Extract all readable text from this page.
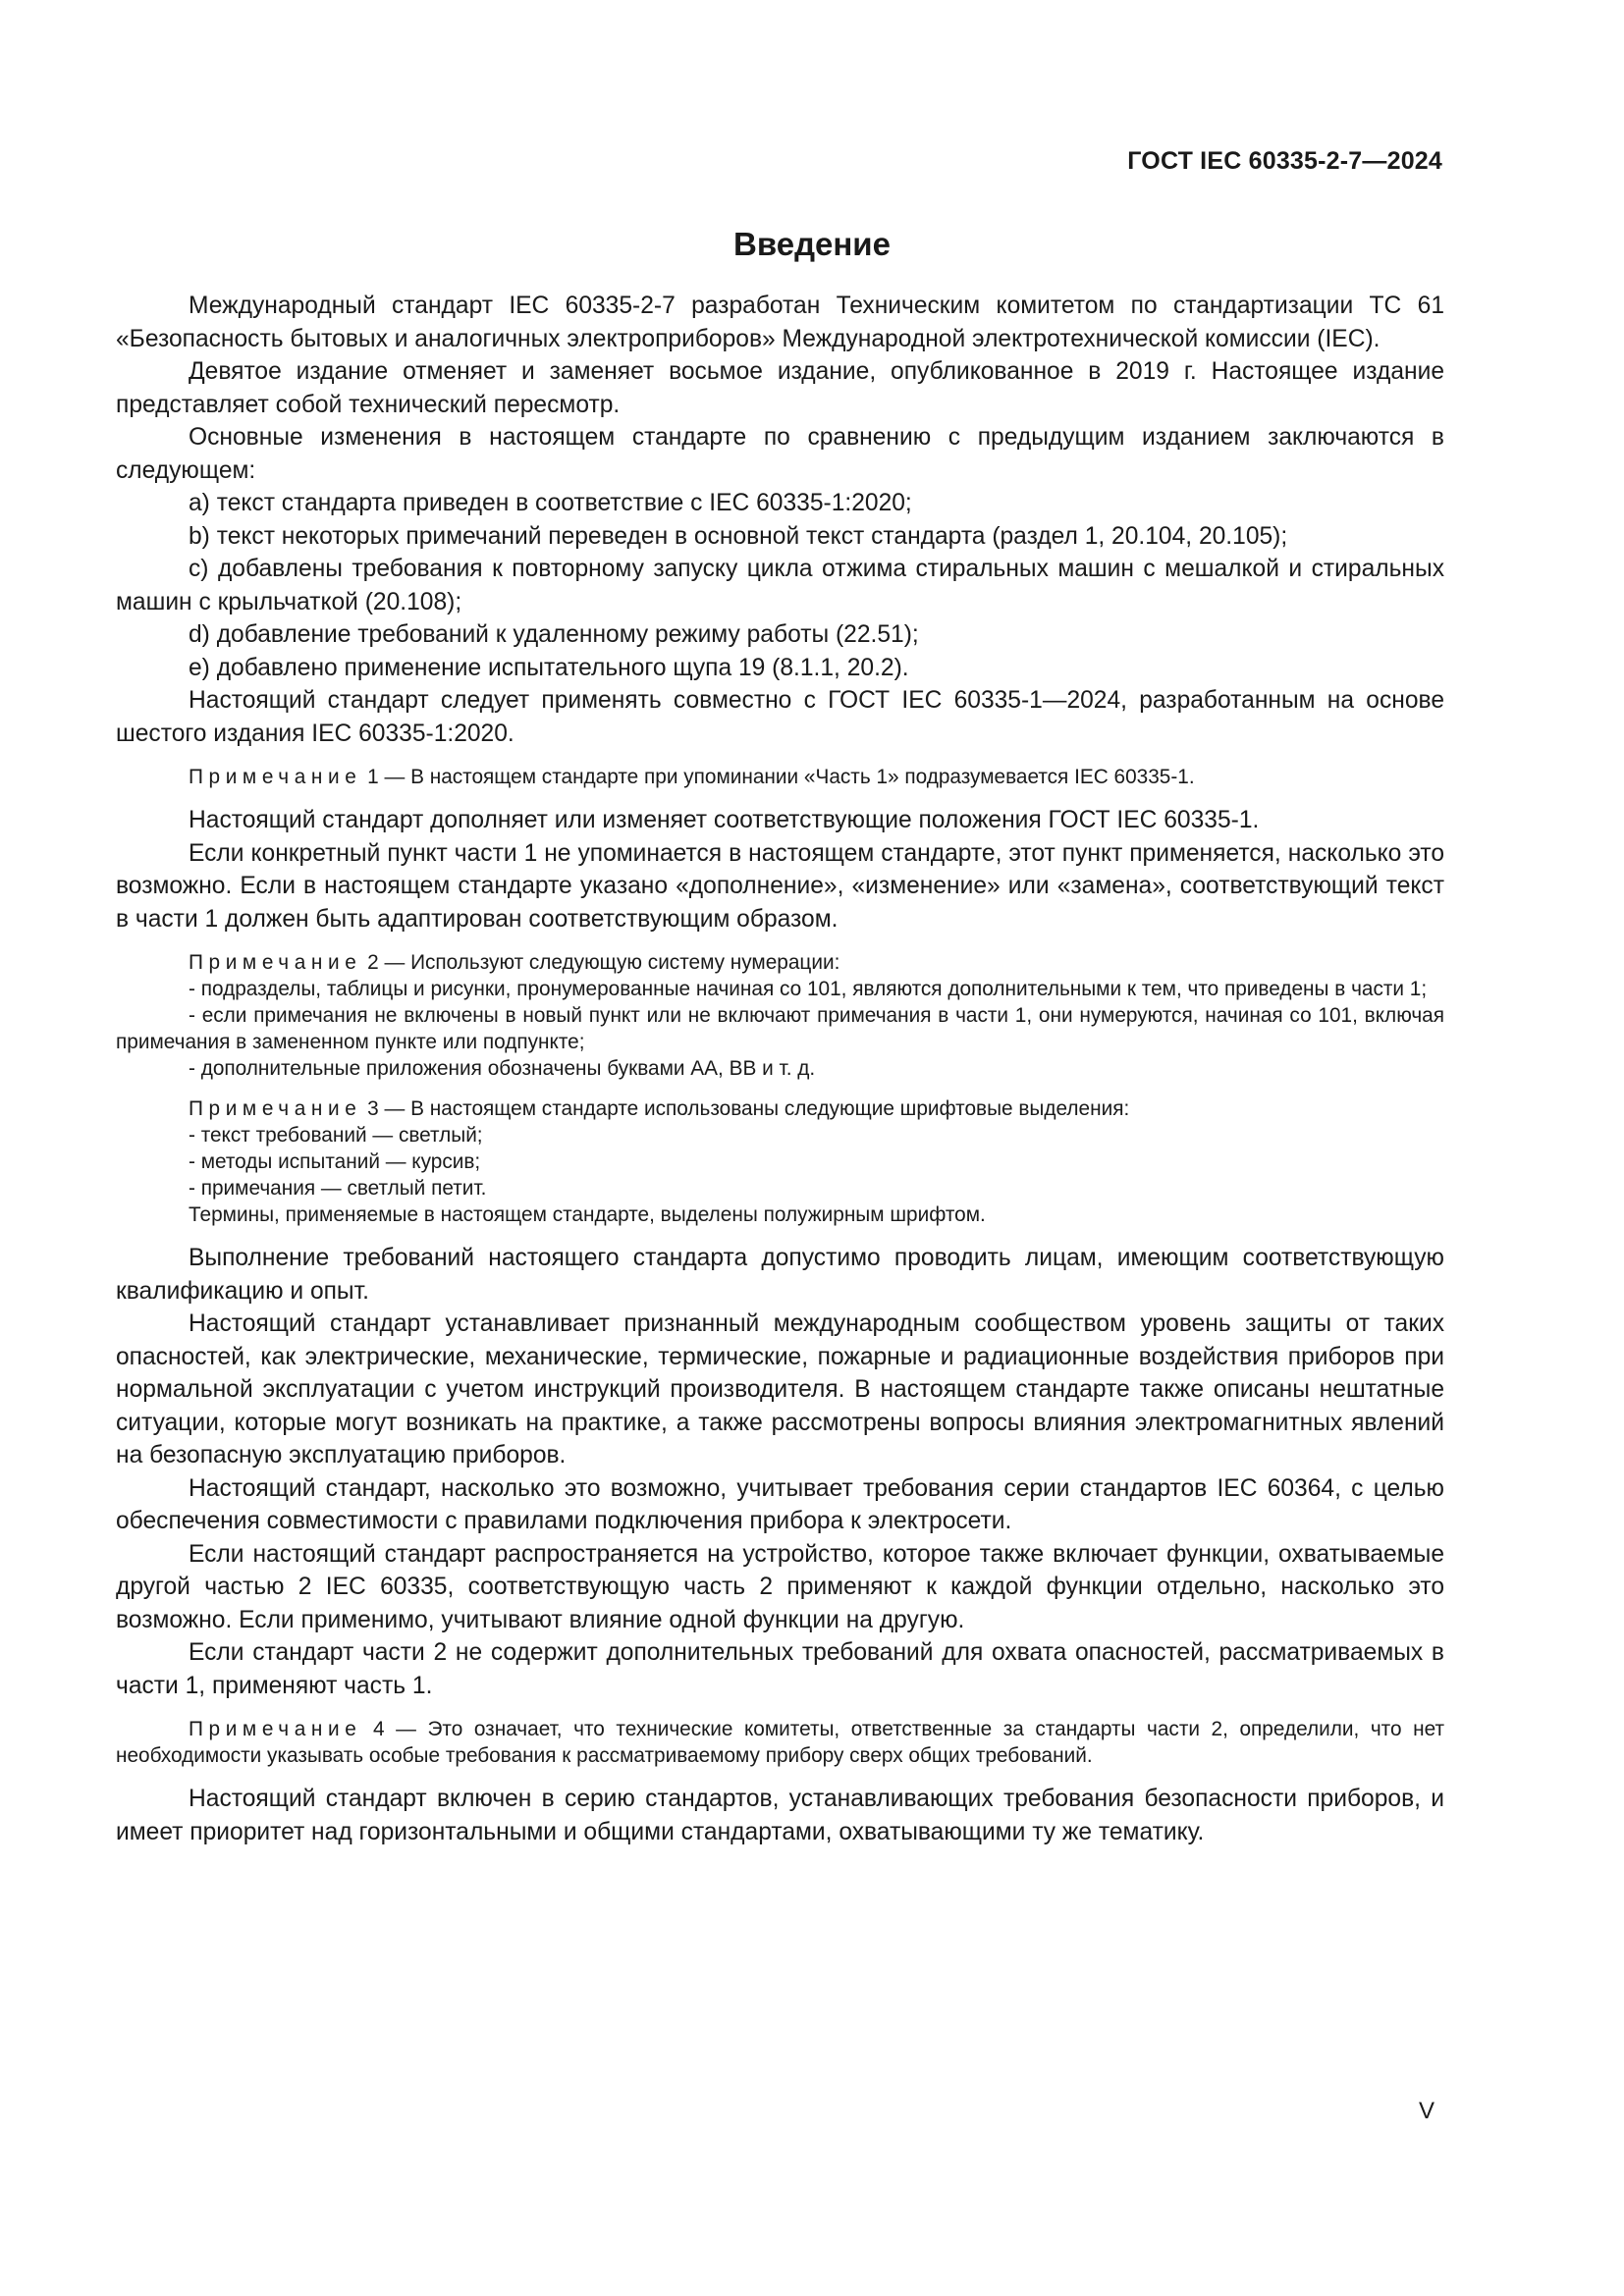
ГОСТ IEC 60335-2-7—2024
Введение

Международный стандарт IEC 60335-2-7 разработан Техническим комитетом по стандартизации ТС 61 «Безопасность бытовых и аналогичных электроприборов» Международной электротехнической комиссии (IEC).

Девятое издание отменяет и заменяет восьмое издание, опубликованное в 2019 г. Настоящее издание представляет собой технический пересмотр.

Основные изменения в настоящем стандарте по сравнению с предыдущим изданием заключаются в следующем:

a) текст стандарта приведен в соответствие с IEC 60335-1:2020;

b) текст некоторых примечаний переведен в основной текст стандарта (раздел 1, 20.104, 20.105);

c) добавлены требования к повторному запуску цикла отжима стиральных машин с мешалкой и стиральных машин с крыльчаткой (20.108);

d) добавление требований к удаленному режиму работы (22.51);

e) добавлено применение испытательного щупа 19 (8.1.1, 20.2).

Настоящий стандарт следует применять совместно с ГОСТ IEC 60335-1—2024, разработанным на основе шестого издания IEC 60335-1:2020.

Примечание 1 — В настоящем стандарте при упоминании «Часть 1» подразумевается IEC 60335-1.

Настоящий стандарт дополняет или изменяет соответствующие положения ГОСТ IEC 60335-1.

Если конкретный пункт части 1 не упоминается в настоящем стандарте, этот пункт применяется, насколько это возможно. Если в настоящем стандарте указано «дополнение», «изменение» или «замена», соответствующий текст в части 1 должен быть адаптирован соответствующим образом.

Примечание 2 — Используют следующую систему нумерации:

- подразделы, таблицы и рисунки, пронумерованные начиная со 101, являются дополнительными к тем, что приведены в части 1;

- если примечания не включены в новый пункт или не включают примечания в части 1, они нумеруются, начиная со 101, включая примечания в замененном пункте или подпункте;

- дополнительные приложения обозначены буквами АА, ВВ и т. д.

Примечание 3 — В настоящем стандарте использованы следующие шрифтовые выделения:

- текст требований — светлый;

- методы испытаний — курсив;

- примечания — светлый петит.

Термины, применяемые в настоящем стандарте, выделены полужирным шрифтом.

Выполнение требований настоящего стандарта допустимо проводить лицам, имеющим соответствующую квалификацию и опыт.

Настоящий стандарт устанавливает признанный международным сообществом уровень защиты от таких опасностей, как электрические, механические, термические, пожарные и радиационные воздействия приборов при нормальной эксплуатации с учетом инструкций производителя. В настоящем стандарте также описаны нештатные ситуации, которые могут возникать на практике, а также рассмотрены вопросы влияния электромагнитных явлений на безопасную эксплуатацию приборов.

Настоящий стандарт, насколько это возможно, учитывает требования серии стандартов IEC 60364, с целью обеспечения совместимости с правилами подключения прибора к электросети.

Если настоящий стандарт распространяется на устройство, которое также включает функции, охватываемые другой частью 2 IEC 60335, соответствующую часть 2 применяют к каждой функции отдельно, насколько это возможно. Если применимо, учитывают влияние одной функции на другую.

Если стандарт части 2 не содержит дополнительных требований для охвата опасностей, рассматриваемых в части 1, применяют часть 1.

Примечание 4 — Это означает, что технические комитеты, ответственные за стандарты части 2, определили, что нет необходимости указывать особые требования к рассматриваемому прибору сверх общих требований.

Настоящий стандарт включен в серию стандартов, устанавливающих требования безопасности приборов, и имеет приоритет над горизонтальными и общими стандартами, охватывающими ту же тематику.

V
